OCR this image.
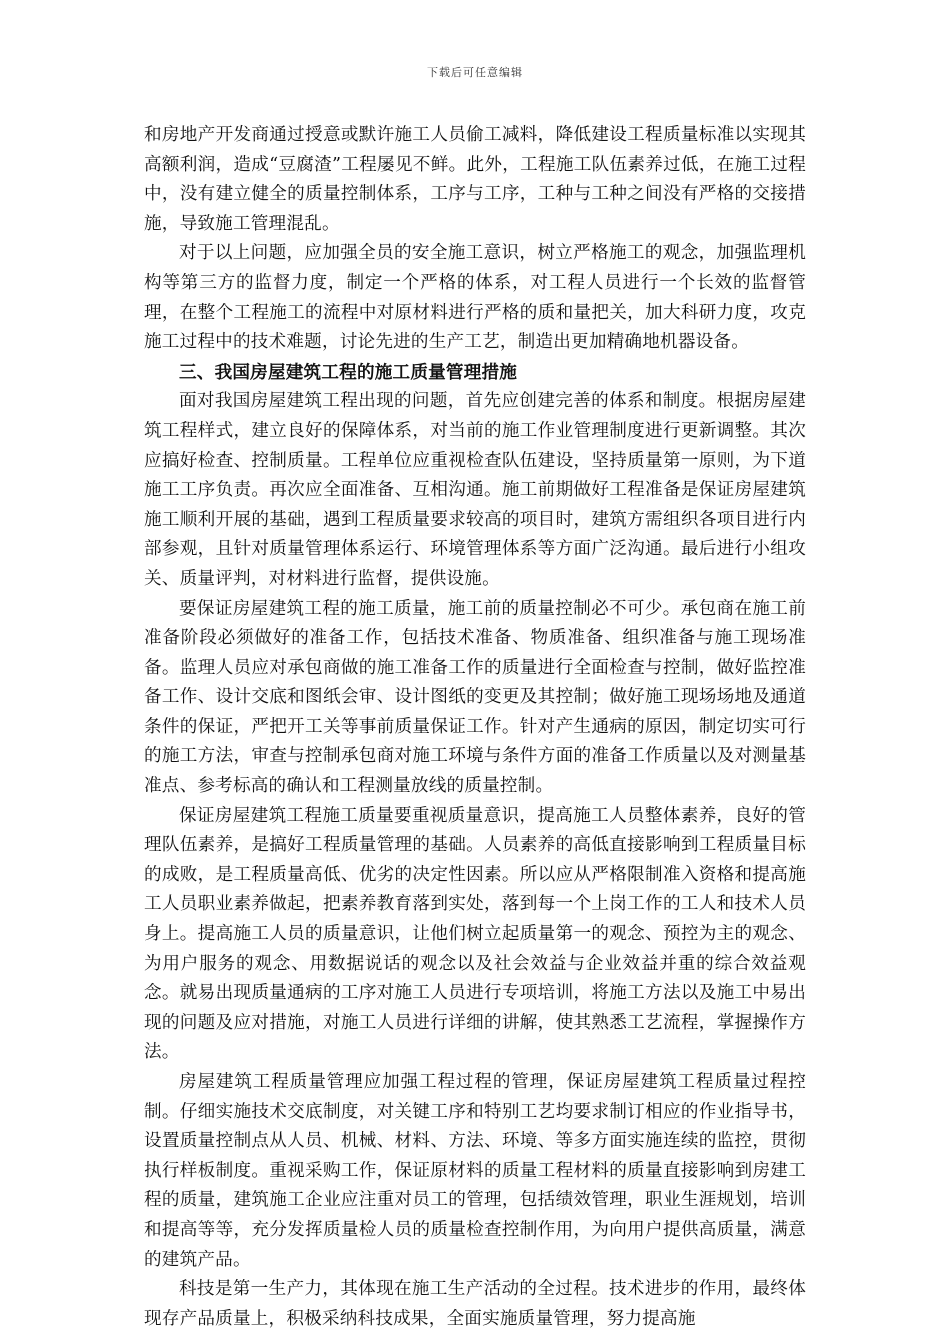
下载后可任意编辑

和房地产开发商通过授意或默许施工人员偷工减料，降低建设工程质量标准以实现其高额利润，造成“豆腐渣”工程屡见不鲜。此外，工程施工队伍素养过低，在施工过程中，没有建立健全的质量控制体系，工序与工序，工种与工种之间没有严格的交接措施，导致施工管理混乱。

对于以上问题，应加强全员的安全施工意识，树立严格施工的观念，加强监理机构等第三方的监督力度，制定一个严格的体系，对工程人员进行一个长效的监督管理，在整个工程施工的流程中对原材料进行严格的质和量把关，加大科研力度，攻克施工过程中的技术难题，讨论先进的生产工艺，制造出更加精确地机器设备。

三、我国房屋建筑工程的施工质量管理措施

面对我国房屋建筑工程出现的问题，首先应创建完善的体系和制度。根据房屋建筑工程样式，建立良好的保障体系，对当前的施工作业管理制度进行更新调整。其次应搞好检查、控制质量。工程单位应重视检查队伍建设，坚持质量第一原则，为下道施工工序负责。再次应全面准备、互相沟通。施工前期做好工程准备是保证房屋建筑施工顺利开展的基础，遇到工程质量要求较高的项目时，建筑方需组织各项目进行内部参观，且针对质量管理体系运行、环境管理体系等方面广泛沟通。最后进行小组攻关、质量评判，对材料进行监督，提供设施。

要保证房屋建筑工程的施工质量，施工前的质量控制必不可少。承包商在施工前准备阶段必须做好的准备工作，包括技术准备、物质准备、组织准备与施工现场准备。监理人员应对承包商做的施工准备工作的质量进行全面检查与控制，做好监控准备工作、设计交底和图纸会审、设计图纸的变更及其控制；做好施工现场场地及通道条件的保证，严把开工关等事前质量保证工作。针对产生通病的原因，制定切实可行的施工方法，审查与控制承包商对施工环境与条件方面的准备工作质量以及对测量基准点、参考标高的确认和工程测量放线的质量控制。

保证房屋建筑工程施工质量要重视质量意识，提高施工人员整体素养，良好的管理队伍素养，是搞好工程质量管理的基础。人员素养的高低直接影响到工程质量目标的成败，是工程质量高低、优劣的决定性因素。所以应从严格限制准入资格和提高施工人员职业素养做起，把素养教育落到实处，落到每一个上岗工作的工人和技术人员身上。提高施工人员的质量意识，让他们树立起质量第一的观念、预控为主的观念、为用户服务的观念、用数据说话的观念以及社会效益与企业效益并重的综合效益观念。就易出现质量通病的工序对施工人员进行专项培训，将施工方法以及施工中易出现的问题及应对措施，对施工人员进行详细的讲解，使其熟悉工艺流程，掌握操作方法。

房屋建筑工程质量管理应加强工程过程的管理，保证房屋建筑工程质量过程控制。仔细实施技术交底制度，对关键工序和特别工艺均要求制订相应的作业指导书，设置质量控制点从人员、机械、材料、方法、环境、等多方面实施连续的监控，贯彻执行样板制度。重视采购工作，保证原材料的质量工程材料的质量直接影响到房建工程的质量，建筑施工企业应注重对员工的管理，包括绩效管理，职业生涯规划，培训和提高等等，充分发挥质量检人员的质量检查控制作用，为向用户提供高质量，满意的建筑产品。

科技是第一生产力，其体现在施工生产活动的全过程。技术进步的作用，最终体现存产品质量上，积极采纳科技成果，全面实施质量管理，努力提高施
